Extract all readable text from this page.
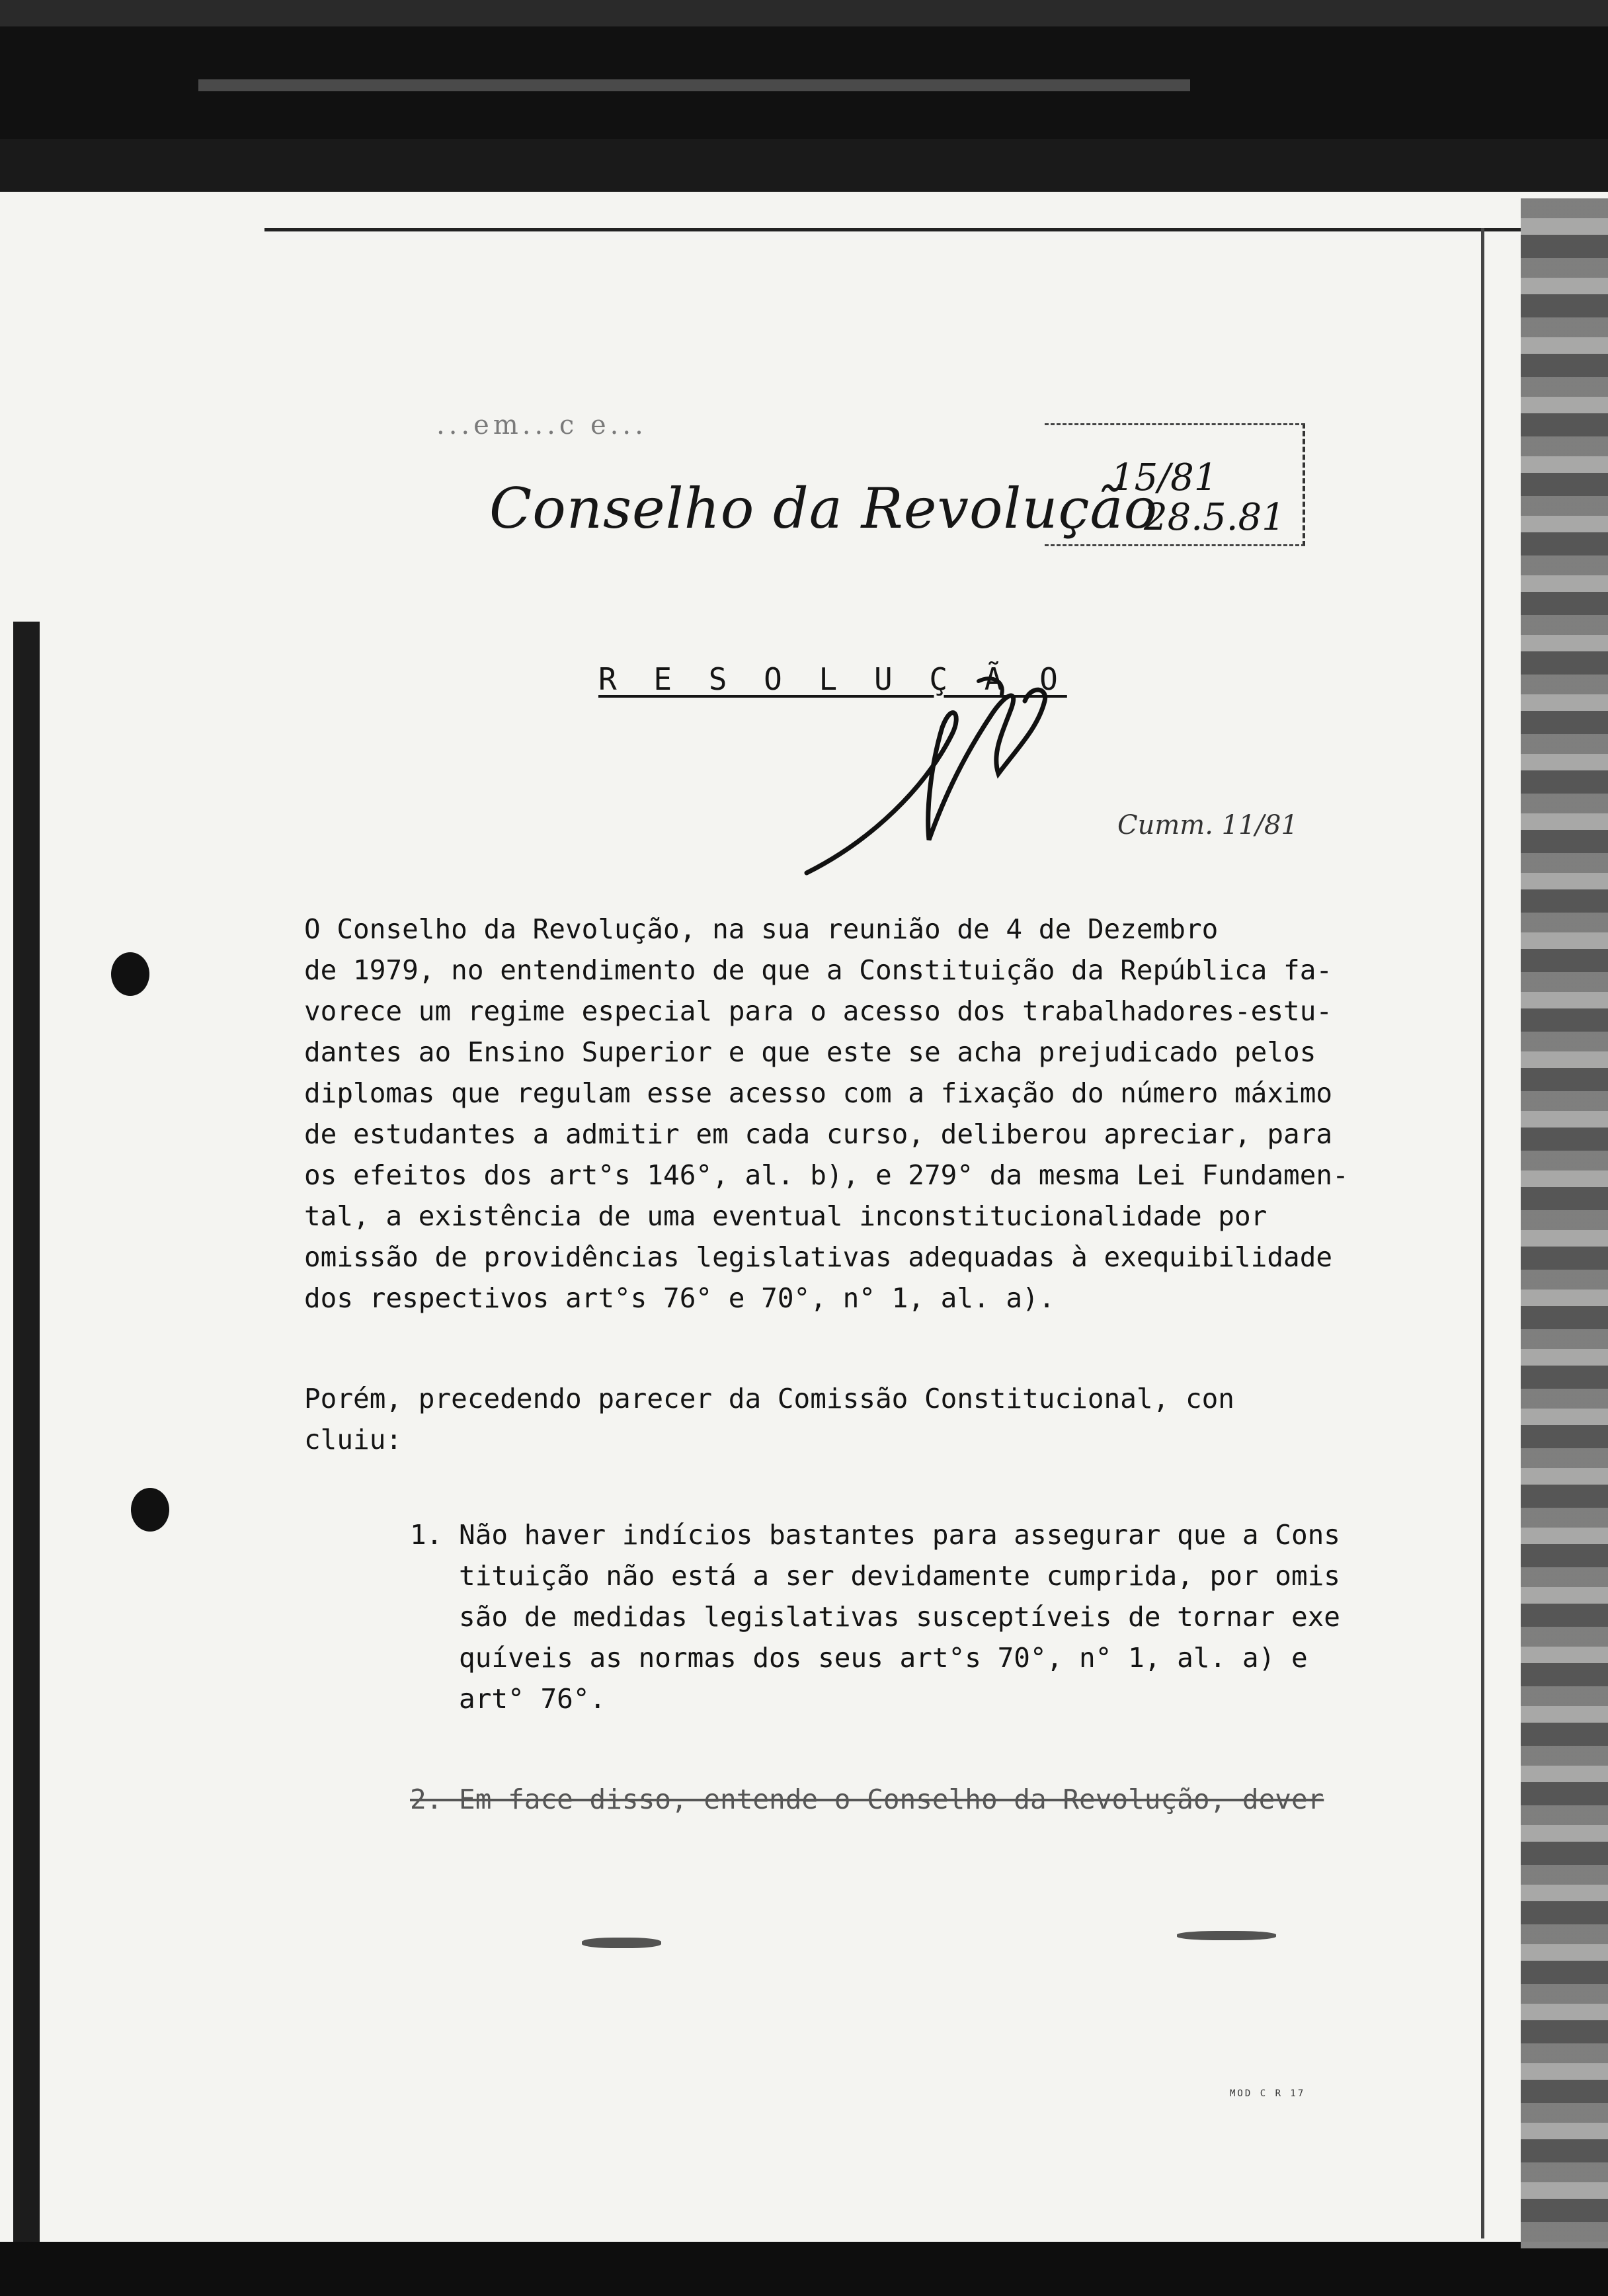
...em...c e...
Conselho da Revolução
15/81
28.5.81
R E S O L U Ç Ã O
Cumm. 11/81
O Conselho da Revolução, na sua reunião de 4 de Dezembro
de 1979, no entendimento de que a Constituição da República fa-
vorece um regime especial para o acesso dos trabalhadores-estu-
dantes ao Ensino Superior e que este se acha prejudicado pelos
diplomas que regulam esse acesso com a fixação do número máximo
de estudantes a admitir em cada curso, deliberou apreciar, para
os efeitos dos art°s 146°, al. b), e 279° da mesma Lei Fundamen-
tal, a existência de uma eventual inconstitucionalidade por
omissão de providências legislativas adequadas à exequibilidade
dos respectivos art°s 76° e 70°, n° 1, al. a).
Porém, precedendo parecer da Comissão Constitucional, con
cluiu:
1. Não haver indícios bastantes para assegurar que a Cons
tituição não está a ser devidamente cumprida, por omis
são de medidas legislativas susceptíveis de tornar exe
quíveis as normas dos seus art°s 70°, n° 1, al. a) e
art° 76°.
2. Em face disso, entende o Conselho da Revolução, dever
MOD C R 17
